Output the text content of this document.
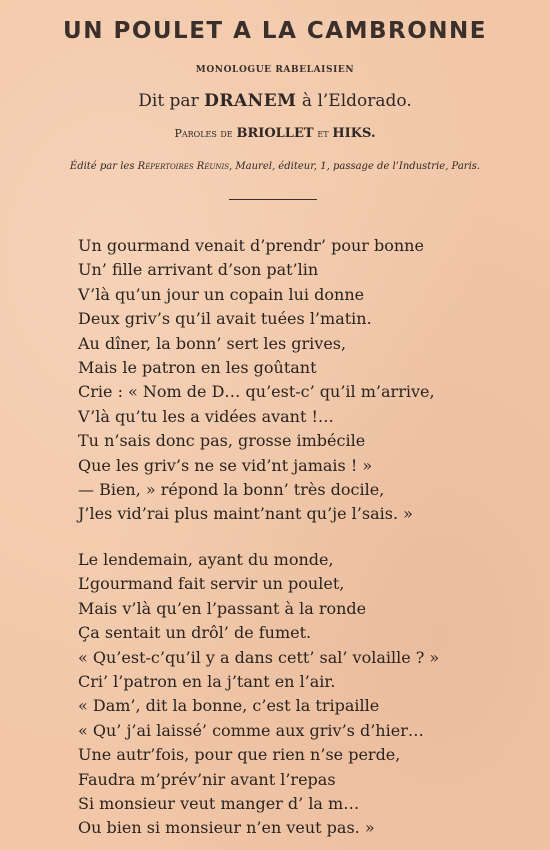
UN POULET A LA CAMBRONNE
MONOLOGUE RABELAISIEN
Dit par DRANEM à l’Eldorado.
Paroles de BRIOLLET et HIKS.
Édité par les Répertoires Réunis, Maurel, éditeur, 1, passage de l’Industrie, Paris.
Un gourmand venait d’prendr’ pour bonne
Un’ fille arrivant d’son pat’lin
V’là qu’un jour un copain lui donne
Deux griv’s qu’il avait tuées l’matin.
Au dîner, la bonn’ sert les grives,
Mais le patron en les goûtant
Crie : « Nom de D… qu’est-c’ qu’il m’arrive,
V’là qu’tu les a vidées avant !…
Tu n’sais donc pas, grosse imbécile
Que les griv’s ne se vid’nt jamais ! »
— Bien, » répond la bonn’ très docile,
J’les vid’rai plus maint’nant qu’je l’sais. »
Le lendemain, ayant du monde,
L’gourmand fait servir un poulet,
Mais v’là qu’en l’passant à la ronde
Ça sentait un drôl’ de fumet.
« Qu’est-c’qu’il y a dans cett’ sal’ volaille ? »
Cri’ l’patron en la j’tant en l’air.
« Dam’, dit la bonne, c’est la tripaille
« Qu’ j’ai laissé’ comme aux griv’s d’hier…
Une autr’fois, pour que rien n’se perde,
Faudra m’prév’nir avant l’repas
Si monsieur veut manger d’ la m…
Ou bien si monsieur n’en veut pas. »
